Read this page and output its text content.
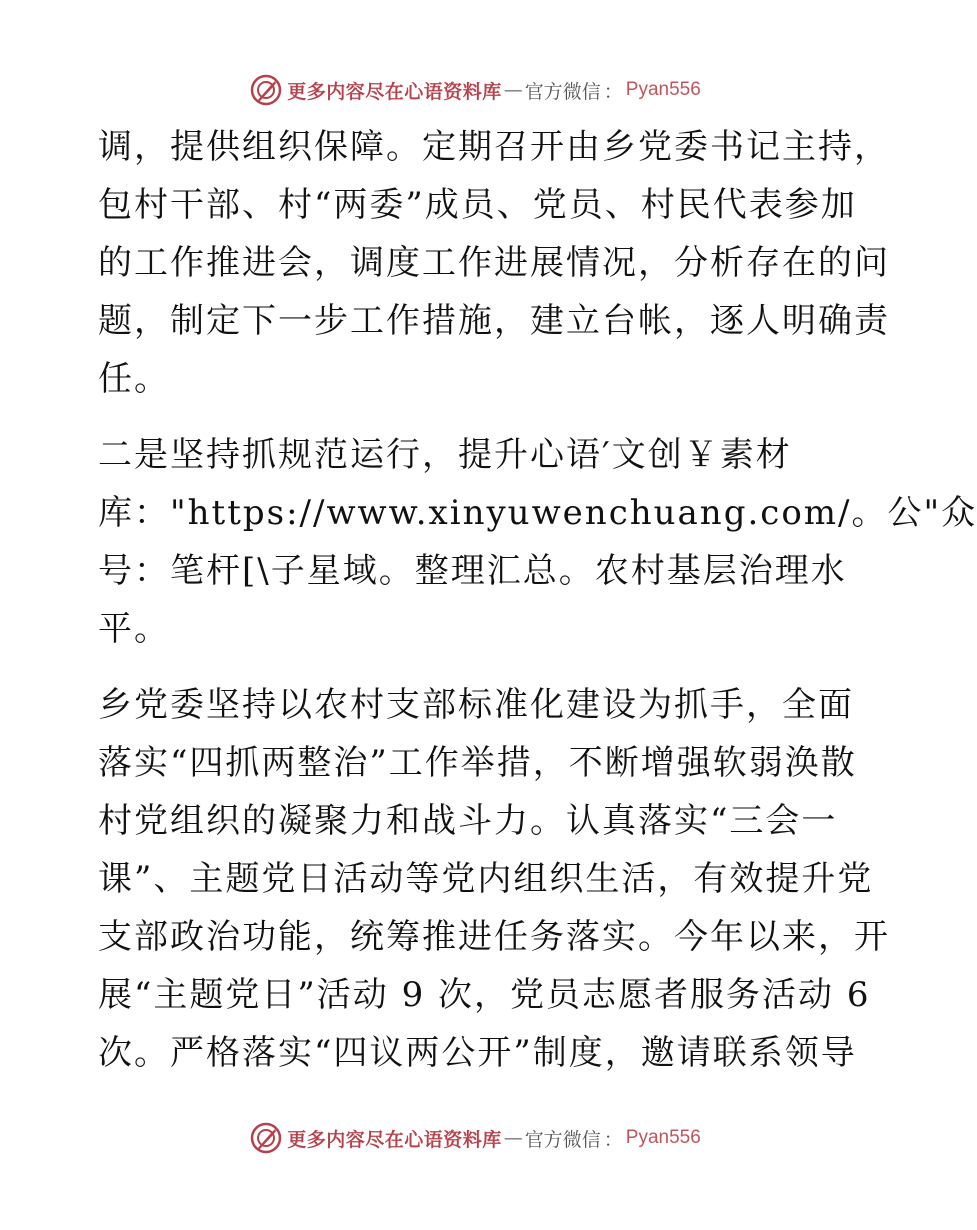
更多内容尽在心语资料库 — 官方微信 ： Pyan556
调，提供组织保障。定期召开由乡党委书记主持，
包村干部、村“两委”成员、党员、村民代表参加
的工作推进会，调度工作进展情况，分析存在的问
题，制定下一步工作措施，建立台帐，逐人明确责
任。
二是坚持抓规范运行，提升心语′文创￥素材
库："https://www.xinyuwenchuang.com/。公"众
号：笔杆[\子星域。整理汇总。农村基层治理水
平。
乡党委坚持以农村支部标准化建设为抓手，全面
落实“四抓两整治”工作举措，不断增强软弱涣散
村党组织的凝聚力和战斗力。认真落实“三会一
课”、主题党日活动等党内组织生活，有效提升党
支部政治功能，统筹推进任务落实。今年以来，开
展“主题党日”活动 9 次，党员志愿者服务活动 6
次。严格落实“四议两公开”制度，邀请联系领导
更多内容尽在心语资料库 — 官方微信 ： Pyan556
